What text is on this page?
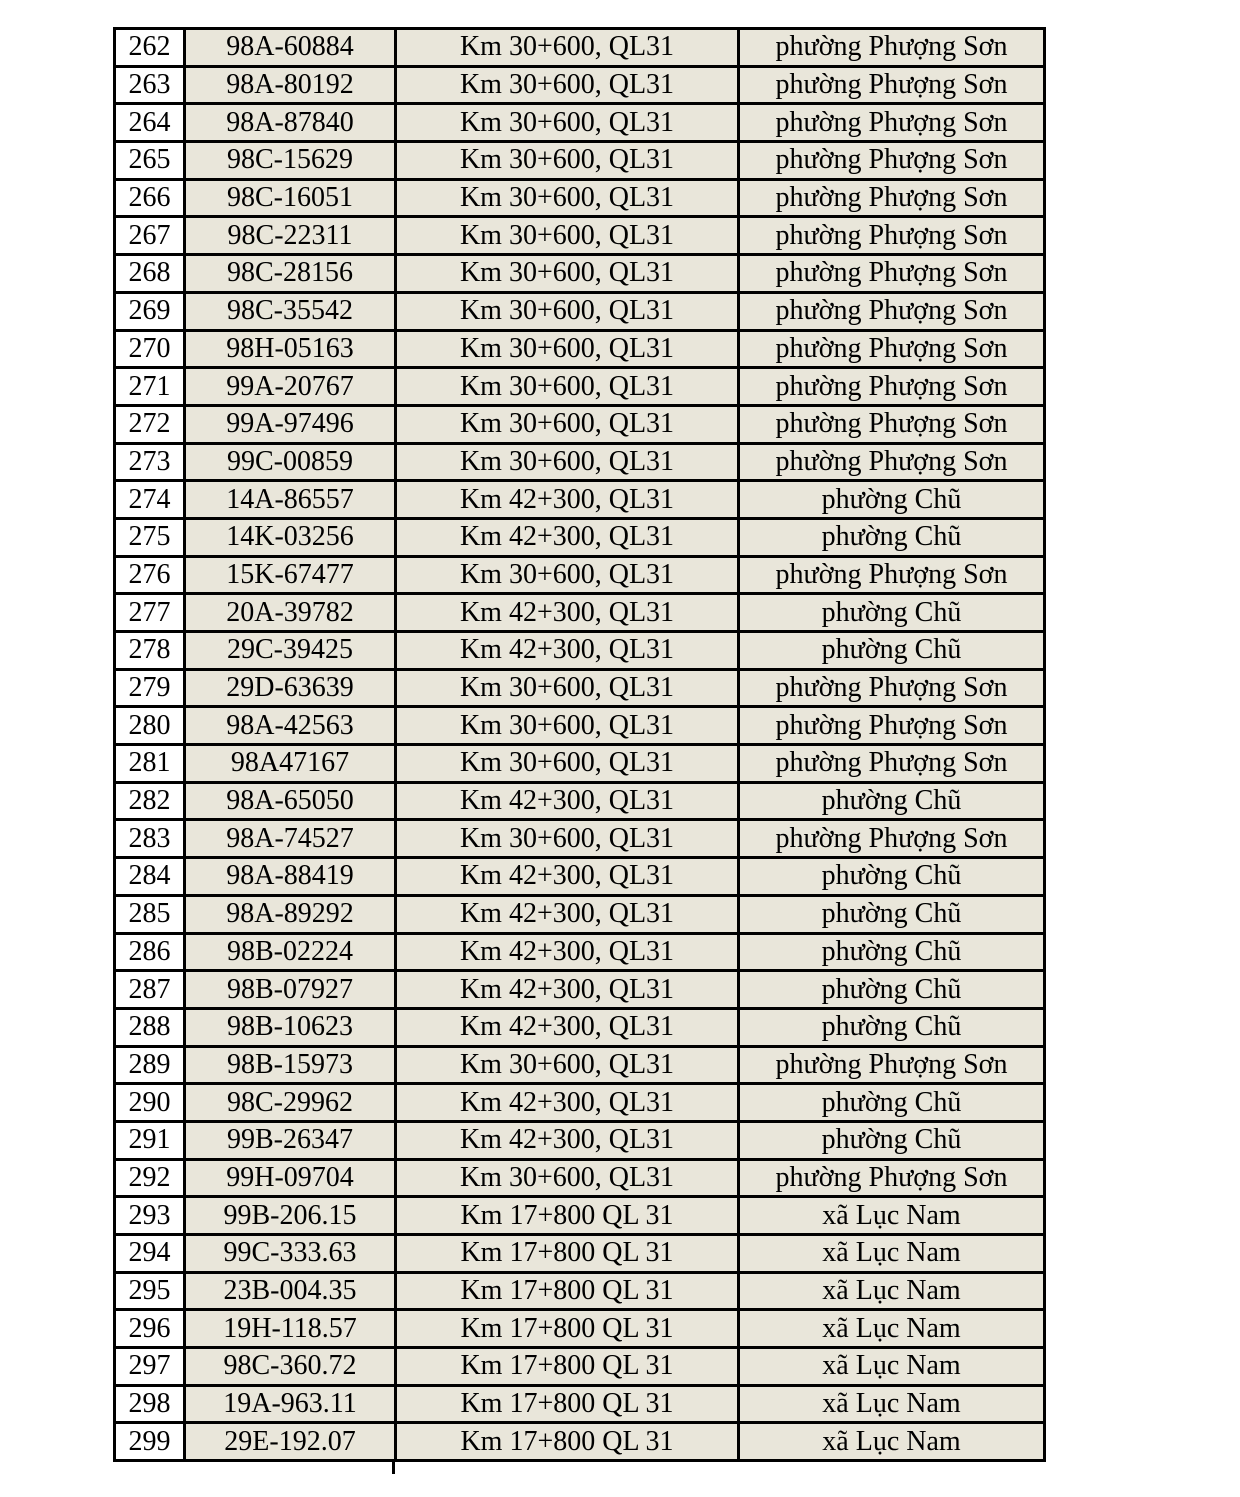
262	98A-60884	Km 30+600, QL31	phường Phượng Sơn
263	98A-80192	Km 30+600, QL31	phường Phượng Sơn
264	98A-87840	Km 30+600, QL31	phường Phượng Sơn
265	98C-15629	Km 30+600, QL31	phường Phượng Sơn
266	98C-16051	Km 30+600, QL31	phường Phượng Sơn
267	98C-22311	Km 30+600, QL31	phường Phượng Sơn
268	98C-28156	Km 30+600, QL31	phường Phượng Sơn
269	98C-35542	Km 30+600, QL31	phường Phượng Sơn
270	98H-05163	Km 30+600, QL31	phường Phượng Sơn
271	99A-20767	Km 30+600, QL31	phường Phượng Sơn
272	99A-97496	Km 30+600, QL31	phường Phượng Sơn
273	99C-00859	Km 30+600, QL31	phường Phượng Sơn
274	14A-86557	Km 42+300, QL31	phường Chũ
275	14K-03256	Km 42+300, QL31	phường Chũ
276	15K-67477	Km 30+600, QL31	phường Phượng Sơn
277	20A-39782	Km 42+300, QL31	phường Chũ
278	29C-39425	Km 42+300, QL31	phường Chũ
279	29D-63639	Km 30+600, QL31	phường Phượng Sơn
280	98A-42563	Km 30+600, QL31	phường Phượng Sơn
281	98A47167	Km 30+600, QL31	phường Phượng Sơn
282	98A-65050	Km 42+300, QL31	phường Chũ
283	98A-74527	Km 30+600, QL31	phường Phượng Sơn
284	98A-88419	Km 42+300, QL31	phường Chũ
285	98A-89292	Km 42+300, QL31	phường Chũ
286	98B-02224	Km 42+300, QL31	phường Chũ
287	98B-07927	Km 42+300, QL31	phường Chũ
288	98B-10623	Km 42+300, QL31	phường Chũ
289	98B-15973	Km 30+600, QL31	phường Phượng Sơn
290	98C-29962	Km 42+300, QL31	phường Chũ
291	99B-26347	Km 42+300, QL31	phường Chũ
292	99H-09704	Km 30+600, QL31	phường Phượng Sơn
293	99B-206.15	Km 17+800 QL 31	xã Lục Nam
294	99C-333.63	Km 17+800 QL 31	xã Lục Nam
295	23B-004.35	Km 17+800 QL 31	xã Lục Nam
296	19H-118.57	Km 17+800 QL 31	xã Lục Nam
297	98C-360.72	Km 17+800 QL 31	xã Lục Nam
298	19A-963.11	Km 17+800 QL 31	xã Lục Nam
299	29E-192.07	Km 17+800 QL 31	xã Lục Nam
